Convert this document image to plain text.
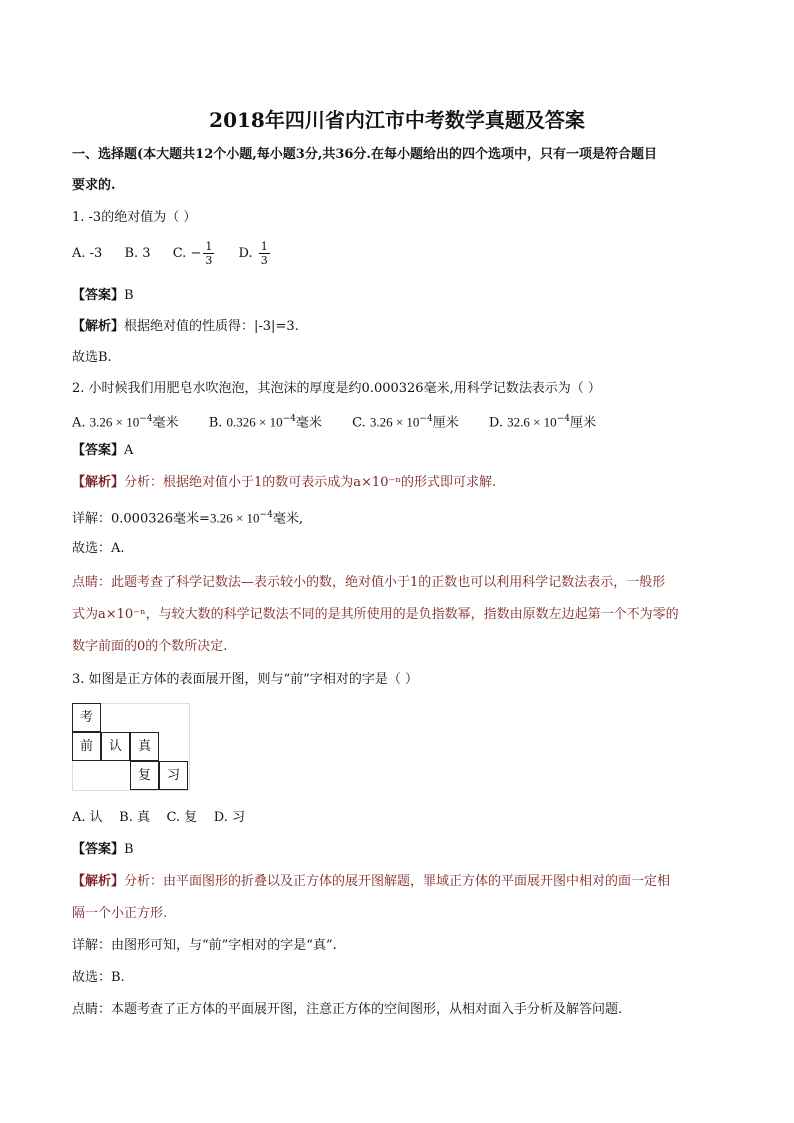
2018年四川省内江市中考数学真题及答案
一、选择题(本大题共12个小题,每小题3分,共36分.在每小题给出的四个选项中，只有一项是符合题目
要求的.
1. -3的绝对值为（ ）
A. -3 B. 3 C. − $\frac{1}{3} D$. $\frac{1}{3}$
【答案】B
【解析】根据绝对值的性质得：|-3|=3.
故选B.
2. 小时候我们用肥皂水吹泡泡，其泡沫的厚度是约0.000326毫米,用科学记数法表示为（ ）
A. $3.26 \times 10^{-4}$毫米 B. $0.326 \times 10^{-4}$毫米 C. $3.26 \times 10^{-4}$厘米 D. $32.6 \times 10^{-4}$厘米
【答案】A
【解析】分析：根据绝对值小于1的数可表示成为a×10⁻ⁿ的形式即可求解.
详解：0.000326毫米$=3.26 \times 10^{-4}$毫米,
故选：A.
点睛：此题考查了科学记数法—表示较小的数，绝对值小于1的正数也可以利用科学记数法表示，一般形
式为a×10⁻ⁿ，与较大数的科学记数法不同的是其所使用的是负指数幂，指数由原数左边起第一个不为零的
数字前面的0的个数所决定.
3. 如图是正方体的表面展开图，则与“前”字相对的字是（ ）
考
前	认	真
复	习
A. 认    B. 真    C. 复    D. 习
【答案】B
【解析】分析：由平面图形的折叠以及正方体的展开图解题，罪域正方体的平面展开图中相对的面一定相
隔一个小正方形.
详解：由图形可知，与“前”字相对的字是“真”.
故选：B.
点睛：本题考查了正方体的平面展开图，注意正方体的空间图形，从相对面入手分析及解答问题.
